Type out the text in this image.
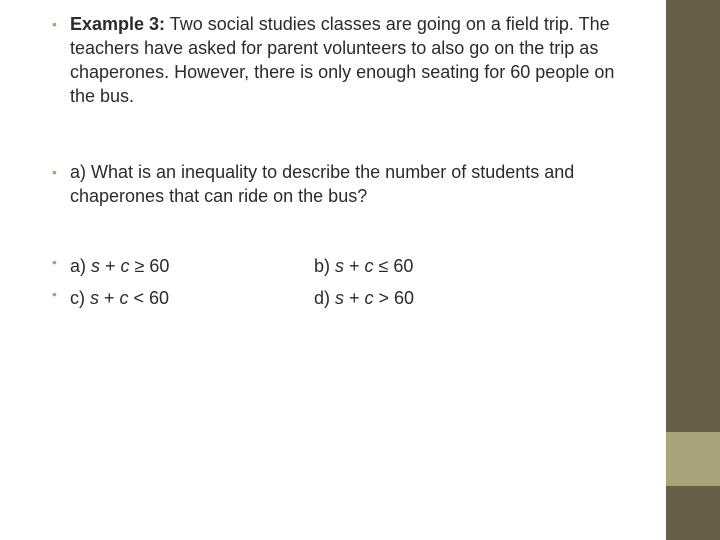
• Example 3: Two social studies classes are going on a field trip. The teachers have asked for parent volunteers to also go on the trip as chaperones. However, there is only enough seating for 60 people on the bus.
• a) What is an inequality to describe the number of students and chaperones that can ride on the bus?
• a) s + c ≥ 60	b) s + c ≤ 60
• c) s + c < 60	d) s + c > 60
